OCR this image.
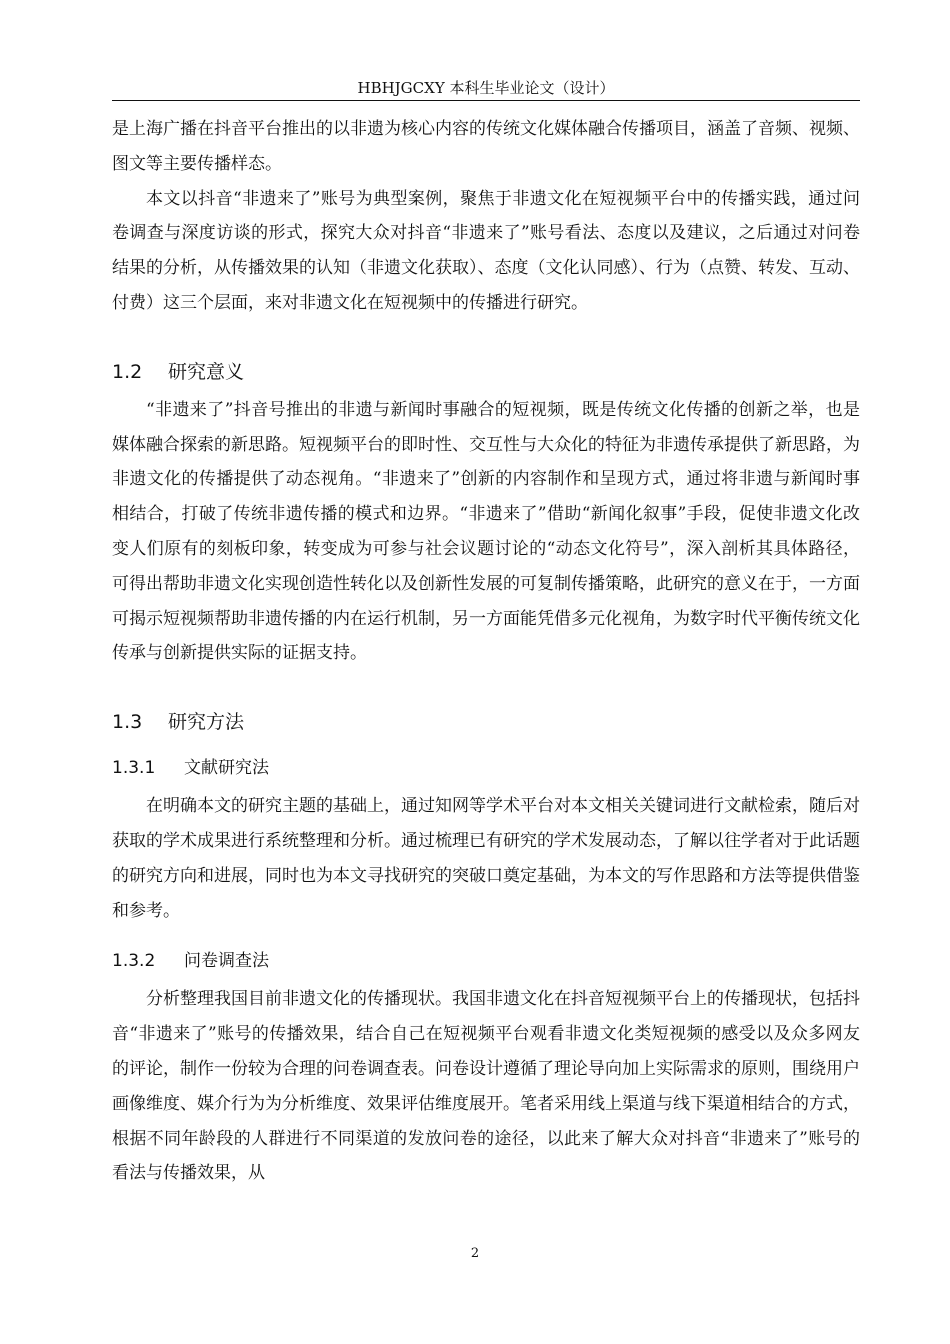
HBHJGCXY 本科生毕业论文（设计）

是上海广播在抖音平台推出的以非遗为核心内容的传统文化媒体融合传播项目，涵盖了音频、视频、图文等主要传播样态。

本文以抖音“非遗来了”账号为典型案例，聚焦于非遗文化在短视频平台中的传播实践，通过问卷调查与深度访谈的形式，探究大众对抖音“非遗来了”账号看法、态度以及建议，之后通过对问卷结果的分析，从传播效果的认知（非遗文化获取）、态度（文化认同感）、行为（点赞、转发、互动、付费）这三个层面，来对非遗文化在短视频中的传播进行研究。

1.2 研究意义

“非遗来了”抖音号推出的非遗与新闻时事融合的短视频，既是传统文化传播的创新之举，也是媒体融合探索的新思路。短视频平台的即时性、交互性与大众化的特征为非遗传承提供了新思路，为非遗文化的传播提供了动态视角。“非遗来了”创新的内容制作和呈现方式，通过将非遗与新闻时事相结合，打破了传统非遗传播的模式和边界。“非遗来了”借助“新闻化叙事”手段，促使非遗文化改变人们原有的刻板印象，转变成为可参与社会议题讨论的“动态文化符号”，深入剖析其具体路径，可得出帮助非遗文化实现创造性转化以及创新性发展的可复制传播策略，此研究的意义在于，一方面可揭示短视频帮助非遗传播的内在运行机制，另一方面能凭借多元化视角，为数字时代平衡传统文化传承与创新提供实际的证据支持。

1.3 研究方法
1.3.1 文献研究法

在明确本文的研究主题的基础上，通过知网等学术平台对本文相关关键词进行文献检索，随后对获取的学术成果进行系统整理和分析。通过梳理已有研究的学术发展动态，了解以往学者对于此话题的研究方向和进展，同时也为本文寻找研究的突破口奠定基础，为本文的写作思路和方法等提供借鉴和参考。

1.3.2 问卷调查法

分析整理我国目前非遗文化的传播现状。我国非遗文化在抖音短视频平台上的传播现状，包括抖音“非遗来了”账号的传播效果，结合自己在短视频平台观看非遗文化类短视频的感受以及众多网友的评论，制作一份较为合理的问卷调查表。问卷设计遵循了理论导向加上实际需求的原则，围绕用户画像维度、媒介行为为分析维度、效果评估维度展开。笔者采用线上渠道与线下渠道相结合的方式，根据不同年龄段的人群进行不同渠道的发放问卷的途径，以此来了解大众对抖音“非遗来了”账号的看法与传播效果，从

2
